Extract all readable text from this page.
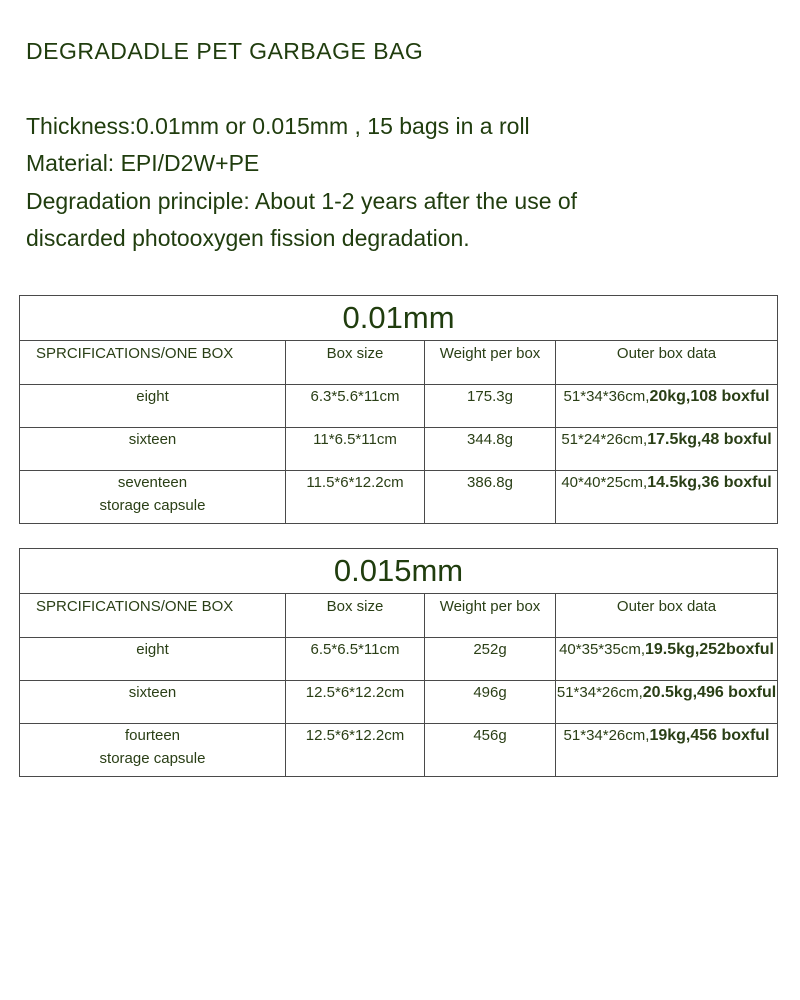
DEGRADADLE PET GARBAGE BAG
Thickness:0.01mm or 0.015mm , 15 bags in a roll
Material: EPI/D2W+PE
Degradation principle: About 1-2 years after the use of
discarded photooxygen fission degradation.
0.01mm			
SPRCIFICATIONS/ONE BOX	Box size	Weight per box	Outer box data
eight	6.3*5.6*11cm	175.3g	51*34*36cm,20kg,108 boxful
sixteen	11*6.5*11cm	344.8g	51*24*26cm,17.5kg,48 boxful
seventeen
storage capsule	11.5*6*12.2cm	386.8g	40*40*25cm,14.5kg,36 boxful
0.015mm			
SPRCIFICATIONS/ONE BOX	Box size	Weight per box	Outer box data
eight	6.5*6.5*11cm	252g	40*35*35cm,19.5kg,252boxful
sixteen	12.5*6*12.2cm	496g	51*34*26cm,20.5kg,496 boxful
fourteen
storage capsule	12.5*6*12.2cm	456g	51*34*26cm,19kg,456 boxful
